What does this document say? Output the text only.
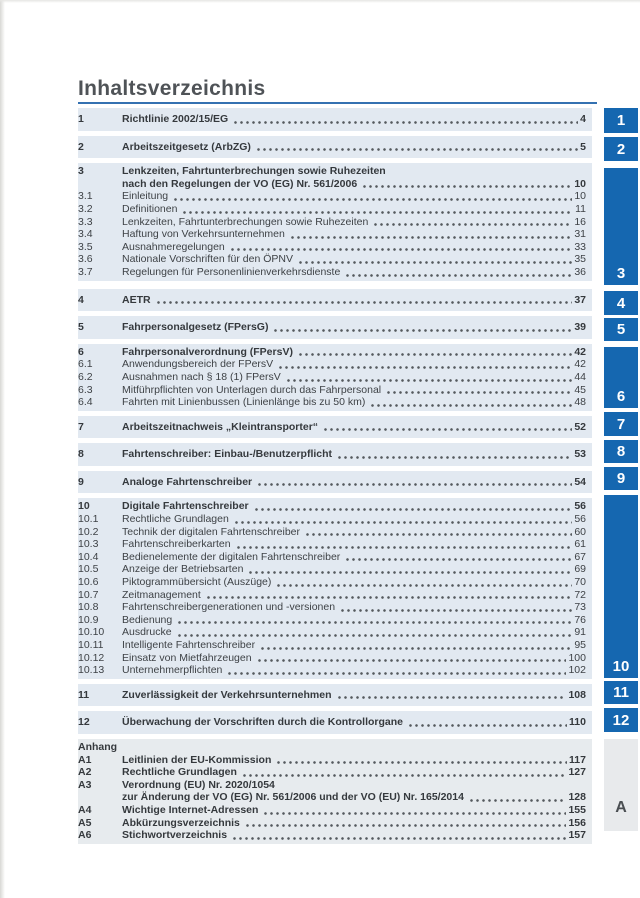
Inhaltsverzeichnis
1	Richtlinie 2002/15/EG	4
2	Arbeitszeitgesetz (ArbZG)	5
3	Lenkzeiten, Fahrtunterbrechungen sowie Ruhezeiten
nach den Regelungen der VO (EG) Nr. 561/2006	10
3.1	Einleitung	10
3.2	Definitionen	11
3.3	Lenkzeiten, Fahrtunterbrechungen sowie Ruhezeiten	16
3.4	Haftung von Verkehrsunternehmen	31
3.5	Ausnahmeregelungen	33
3.6	Nationale Vorschriften für den ÖPNV	35
3.7	Regelungen für Personenlinienverkehrsdienste	36
4	AETR	37
5	Fahrpersonalgesetz (FPersG)	39
6	Fahrpersonalverordnung (FPersV)	42
6.1	Anwendungsbereich der FPersV	42
6.2	Ausnahmen nach § 18 (1) FPersV	44
6.3	Mitführpflichten von Unterlagen durch das Fahrpersonal	45
6.4	Fahrten mit Linienbussen (Linienlänge bis zu 50 km)	48
7	Arbeitszeitnachweis „Kleintransporter“	52
8	Fahrtenschreiber: Einbau-/Benutzerpflicht	53
9	Analoge Fahrtenschreiber	54
10	Digitale Fahrtenschreiber	56
10.1	Rechtliche Grundlagen	56
10.2	Technik der digitalen Fahrtenschreiber	60
10.3	Fahrtenschreiberkarten	61
10.4	Bedienelemente der digitalen Fahrtenschreiber	67
10.5	Anzeige der Betriebsarten	69
10.6	Piktogrammübersicht (Auszüge)	70
10.7	Zeitmanagement	72
10.8	Fahrtenschreibergenerationen und -versionen	73
10.9	Bedienung	76
10.10	Ausdrucke	91
10.11	Intelligente Fahrtenschreiber	95
10.12	Einsatz von Mietfahrzeugen	100
10.13	Unternehmerpflichten	102
11	Zuverlässigkeit der Verkehrsunternehmen	108
12	Überwachung der Vorschriften durch die Kontrollorgane	110
Anhang
A1	Leitlinien der EU-Kommission	117
A2	Rechtliche Grundlagen	127
A3	Verordnung (EU) Nr. 2020/1054
zur Änderung der VO (EG) Nr. 561/2006 und der VO (EU) Nr. 165/2014	128
A4	Wichtige Internet-Adressen	155
A5	Abkürzungsverzeichnis	156
A6	Stichwortverzeichnis	157
1
2
3
4
5
6
7
8
9
10
11
12
A
